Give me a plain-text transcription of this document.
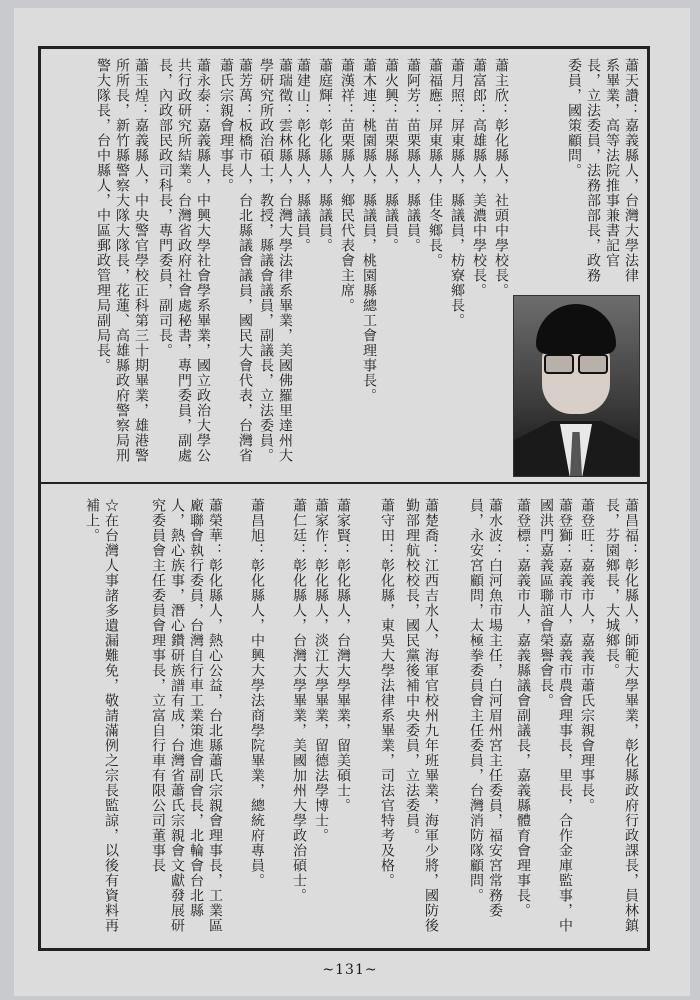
蕭天讚：嘉義縣人，台灣大學法律系畢業，高等法院推事兼書記官長，立法委員，法務部部長，政務委員，國策顧問。
蕭主欣：彰化縣人，社頭中學校長。
蕭富郎：高雄縣人，美濃中學校長。
蕭月照：屏東縣人，縣議員，枋寮鄉長。
蕭福應：屏東縣人，佳冬鄉長。
蕭阿芳：苗栗縣人，縣議員。
蕭火興：苗栗縣人，縣議員。
蕭木連：桃園縣人，縣議員，桃園縣總工會理事長。
蕭漢祥：苗栗縣人，鄉民代表會主席。
蕭庭輝：彰化縣人，縣議員。
蕭建山：彰化縣人，縣議員。
蕭瑞徵：雲林縣人，台灣大學法律系畢業，美國佛羅里達州大學研究所政治碩士，教授，縣議會議員，副議長，立法委員。
蕭芳萬：板橋市人，台北縣議會議員，國民大會代表，台灣省蕭氏宗親會理事長。
蕭永泰：嘉義縣人，中興大學社會學系畢業，國立政治大學公共行政研究所結業。台灣省政府社會處秘書，專門委員，副處長，內政部民政司科長，專門委員，副司長。
蕭玉煌：嘉義縣人，中央警官學校正科第三十期畢業，雄港警所所長，新竹縣警察大隊大隊長，花蓮、高雄縣政府警察局刑警大隊長，台中縣人，中區郵政管理局副局長。
蕭昌福：彰化縣人，師範大學畢業，彰化縣政府行政課長，員林鎮長，芬園鄉長，大城鄉長。
蕭登旺：嘉義市人，嘉義市蕭氏宗親會理事長。
蕭登獅：嘉義市人，嘉義市農會理事長，里長，合作金庫監事，中國洪門嘉義區聯誼會榮譽會長。
蕭登標：嘉義市人，嘉義縣議會副議長，嘉義縣體育會理事長。
蕭水波：白河魚市場主任，白河眉州宮主任委員，福安宮常務委員，永安宮顧問，太極拳委員會主任委員，台灣消防隊顧問。
蕭楚喬：江西吉水人，海軍官校州九年班畢業，海軍少將，國防後勤部理航校校長，國民黨後補中央委員，立法委員。
蕭守田：彰化縣，東吳大學法律系畢業，司法官特考及格。
蕭家賢：彰化縣人，台灣大學畢業，留美碩士。
蕭家作：彰化縣人，淡江大學畢業，留德法學博士。
蕭仁廷：彰化縣人，台灣大學畢業，美國加州大學政治碩士。
蕭昌旭：彰化縣人，中興大學法商學院畢業，總統府專員。
蕭榮華：彰化縣人，熱心公益，台北縣蕭氏宗親會理事長，工業區廠聯會執行委員，台灣自行車工業策進會副會長，北輪會台北縣人，熱心族事，潛心鑽研族譜有成，台灣省蕭氏宗親會文獻發展研究委員會主任委員會理事長，立富自行車有限公司董事長
☆在台灣人事諸多遺漏難免，敬請滿例之宗長監諒，以後有資料再補上。
~131~
